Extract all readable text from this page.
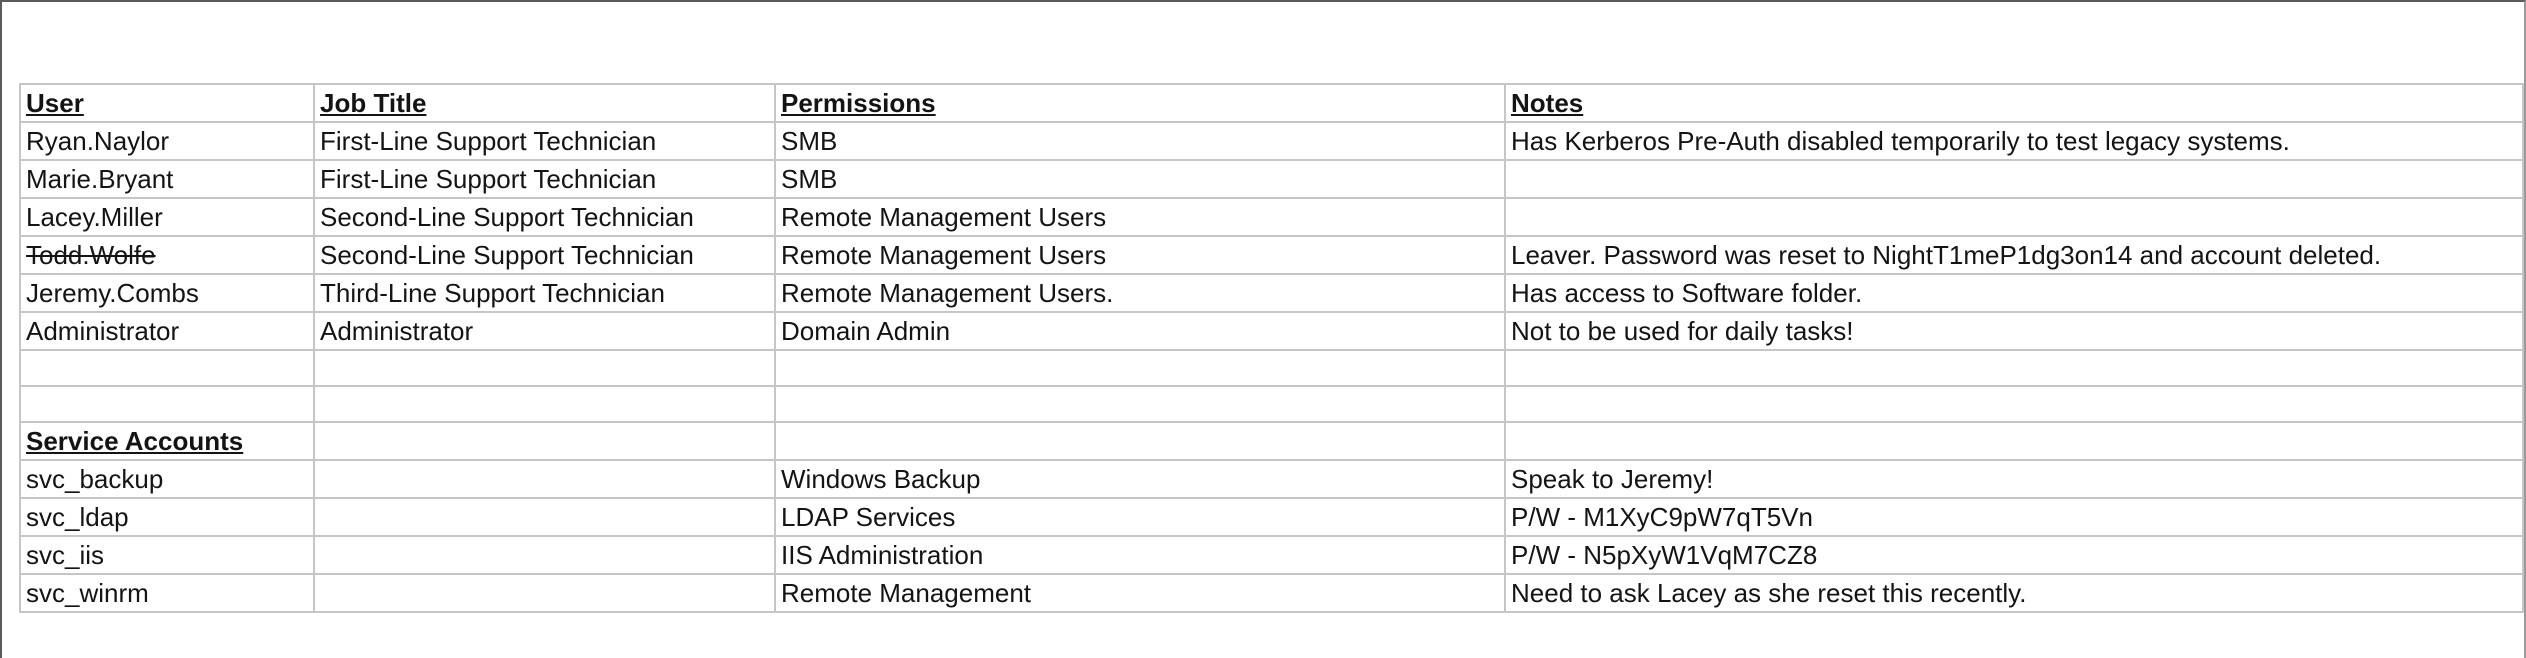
User	Job Title	Permissions	Notes
Ryan.Naylor	First-Line Support Technician	SMB	Has Kerberos Pre-Auth disabled temporarily to test legacy systems.
Marie.Bryant	First-Line Support Technician	SMB	
Lacey.Miller	Second-Line Support Technician	Remote Management Users	
Todd.Wolfe	Second-Line Support Technician	Remote Management Users	Leaver. Password was reset to NightT1meP1dg3on14 and account deleted.
Jeremy.Combs	Third-Line Support Technician	Remote Management Users.	Has access to Software folder.
Administrator	Administrator	Domain Admin	Not to be used for daily tasks!

Service Accounts			
svc_backup		Windows Backup	Speak to Jeremy!
svc_ldap		LDAP Services	P/W - M1XyC9pW7qT5Vn
svc_iis		IIS Administration	P/W - N5pXyW1VqM7CZ8
svc_winrm		Remote Management	Need to ask Lacey as she reset this recently.
